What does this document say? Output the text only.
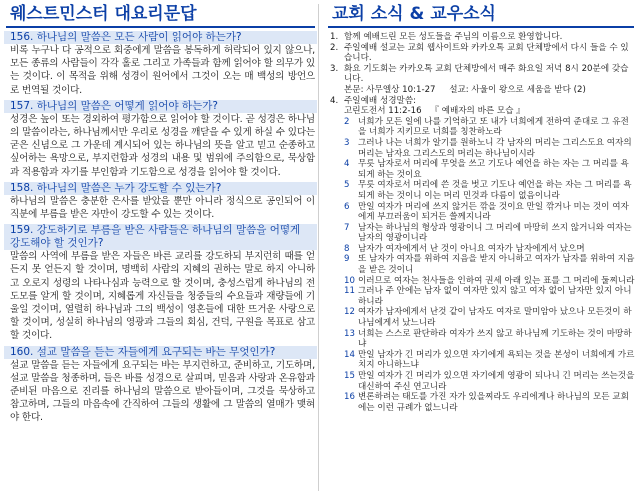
웨스트민스터 대요리문답
156. 하나님의 말씀은 모든 사람이 읽어야 하는가?
비록 누구나 다 공적으로 회중에게 말씀을 봉독하게 허락되어 있지 않으나, 모든 종류의 사람들이 각각 홀로 그리고 가족들과 함께 읽어야 할 의무가 있는 것이다. 이 목적을 위해 성경이 원어에서 그것이 오는 매 백성의 방언으로 번역될 것이다.
157. 하나님의 말씀은 어떻게 읽어야 하는가?
성경은 높이 또는 경외하여 평가함으로 읽어야 할 것이다. 곧 성경은 하나님의 말씀이라는, 하나님께서만 우리로 성경을 깨닫을 수 있게 하실 수 있다는 굳은 신념으로 그 가운데 계시되어 있는 하나님의 뜻을 알고 믿고 순종하고 싶어하는 욕망으로, 부지런함과 성경의 내용 및 범위에 주의함으로, 묵상함과 적용함과 자기를 부인함과 기도함으로 성경을 읽어야 할 것이다.
158. 하나님의 말씀은 누가 강도할 수 있는가?
하나님의 말씀은 충분한 은사를 받았을 뿐만 아니라 정식으로 공인되어 이 직분에 부름을 받은 자만이 강도할 수 있는 것이다.
159. 강도하기로 부름을 받은 사람들은 하나님의 말씀을 어떻게 강도해야 할 것인가?
말씀의 사역에 부름을 받은 자들은 바른 교리를 강도하되 부지런히 때를 얻든지 못 얻든지 할 것이며, 명백히 사람의 지혜의 권하는 말로 하지 아니하고 오로지 성령의 나타나심과 능력으로 할 것이며, 충성스럽게 하나님의 전도모를 알게 할 것이며, 지혜롭게 자신들을 청중들의 수요들과 재량들에 기울일 것이며, 열렬히 하나님과 그의 백성이 영혼들에 대한 뜨거운 사랑으로 할 것이며, 성실히 하나님의 영광과 그들의 회심, 건덕, 구원을 목표로 삼고 할 것이다.
160. 설교 말씀을 듣는 자들에게 요구되는 바는 무엇인가?
설교 말씀을 듣는 자들에게 요구되는 바는 부지런하고, 준비하고, 기도하며, 설교 말씀을 청종하며, 들은 바를 성경으로 살피며, 믿음과 사랑과 온유함과 준비된 마음으로 진리를 하나님의 말씀으로 받아들이며, 그것을 묵상하고 참고하며, 그들의 마음속에 간직하여 그들의 생활에 그 말씀의 열매가 맺혀야 한다.
교회 소식 & 교우소식
1. 함께 예배드린 모든 성도들을 주님의 이름으로 환영합니다.
2. 주일예배 설교는 교회 웹사이트와 카카오톡 교회 단체방에서 다시 들을 수 있습니다.
3. 화요 기도회는 카카오톡 교회 단체방에서 매주 화요일 저녁 8시 20분에 갖습니다.
본문: 사무엘상 10:1-27 설교: 사울이 왕으로 세움을 받다 (2)
4. 주일예배 성경말씀:
고린도전서 11:2-16 『 예배자의 바른 모습 』
2 너희가 모든 일에 나를 기억하고 또 내가 너희에게 전하여 준대로 그 유전을 너희가 지키므로 너희를 칭찬하노라
3 그러나 나는 너희가 알기를 원하노니 각 남자의 머리는 그리스도요 여자의 머리는 남자요 그리스도의 머리는 하나님이시라
4 무릇 남자로서 머리에 무엇을 쓰고 기도나 예언을 하는 자는 그 머리를 욕되게 하는 것이요
5 무릇 여자로서 머리에 쓴 것을 벗고 기도나 예언을 하는 자는 그 머리를 욕되게 하는 것이니 이는 머리 민것과 다름이 없음이니라
6 만일 여자가 머리에 쓰지 않거든 깎을 것이요 만일 깎거나 미는 것이 여자에게 부끄러움이 되거든 쓸께지니라
7 남자는 하나님의 형상과 영광이니 그 머리에 마땅히 쓰지 않거니와 여자는 남자의 영광이니라
8 남자가 여자에게서 난 것이 아니요 여자가 남자에게서 났으며
9 또 남자가 여자를 위하여 지음을 받지 아니하고 여자가 남자를 위하여 지음을 받은 것이니
10 이러므로 여자는 천사들을 인하여 권세 아래 있는 표를 그 머리에 둘찌니라
11 그러나 주 안에는 남자 없이 여자만 있지 않고 여자 없이 남자만 있지 아니하니라
12 여자가 남자에게서 난것 같이 남자도 여자로 말미암아 났으나 모든것이 하나님에게서 났느니라
13 너희는 스스로 판단하라 여자가 쓰지 않고 하나님께 기도하는 것이 마땅하냐
14 만일 남자가 긴 머리가 있으면 자기에게 욕되는 것을 본성이 너희에게 가르치지 아니하느냐
15 만일 여자가 긴 머리가 있으면 자기에게 영광이 되나니 긴 머리는 쓰는것을 대신하여 주신 연고니라
16 변론하려는 태도를 가진 자가 있을찌라도 우리에게나 하나님의 모든 교회에는 이런 규례가 없느니라
